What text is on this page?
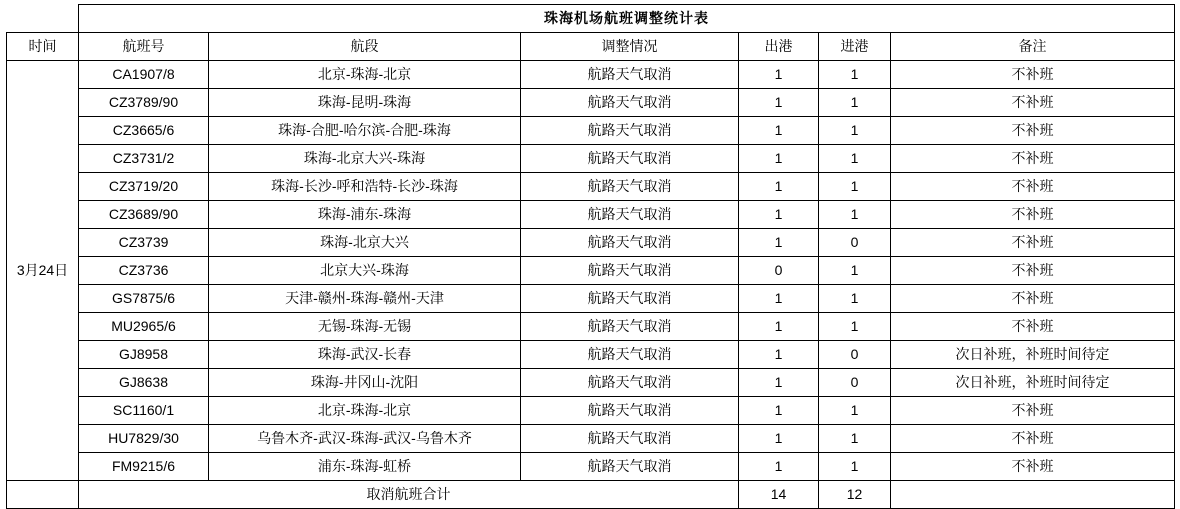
	珠海机场航班调整统计表					
时间	航班号	航段	调整情况	出港	进港	备注
3月24日	CA1907/8	北京-珠海-北京	航路天气取消	1	1	不补班
	CZ3789/90	珠海-昆明-珠海	航路天气取消	1	1	不补班
	CZ3665/6	珠海-合肥-哈尔滨-合肥-珠海	航路天气取消	1	1	不补班
	CZ3731/2	珠海-北京大兴-珠海	航路天气取消	1	1	不补班
	CZ3719/20	珠海-长沙-呼和浩特-长沙-珠海	航路天气取消	1	1	不补班
	CZ3689/90	珠海-浦东-珠海	航路天气取消	1	1	不补班
	CZ3739	珠海-北京大兴	航路天气取消	1	0	不补班
	CZ3736	北京大兴-珠海	航路天气取消	0	1	不补班
	GS7875/6	天津-赣州-珠海-赣州-天津	航路天气取消	1	1	不补班
	MU2965/6	无锡-珠海-无锡	航路天气取消	1	1	不补班
	GJ8958	珠海-武汉-长春	航路天气取消	1	0	次日补班，补班时间待定
	GJ8638	珠海-井冈山-沈阳	航路天气取消	1	0	次日补班，补班时间待定
	SC1160/1	北京-珠海-北京	航路天气取消	1	1	不补班
	HU7829/30	乌鲁木齐-武汉-珠海-武汉-乌鲁木齐	航路天气取消	1	1	不补班
	FM9215/6	浦东-珠海-虹桥	航路天气取消	1	1	不补班
	取消航班合计			14	12	
